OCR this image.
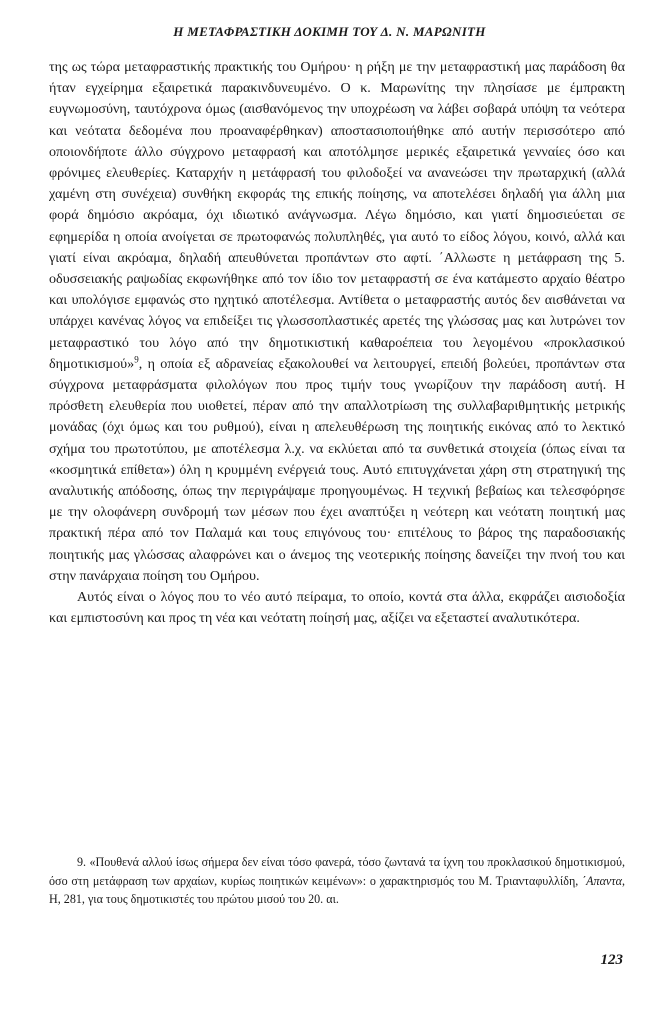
Η ΜΕΤΑΦΡΑΣΤΙΚΗ ΔΟΚΙΜΗ ΤΟΥ Δ. Ν. ΜΑΡΩΝΙΤΗ

της ως τώρα μεταφραστικής πρακτικής του Ομήρου· η ρήξη με την μεταφραστική μας παράδοση θα ήταν εγχείρημα εξαιρετικά παρακινδυνευμένο. Ο κ. Μαρωνίτης την πλησίασε με έμπρακτη ευγνωμοσύνη, ταυτόχρονα όμως (αισθανόμενος την υποχρέωση να λάβει σοβαρά υπόψη τα νεότερα και νεότατα δεδομένα που προαναφέρθηκαν) αποστασιοποιήθηκε από αυτήν περισσότερο από οποιονδήποτε άλλο σύγχρονο μεταφρασή και αποτόλμησε μερικές εξαιρετικά γενναίες όσο και φρόνιμες ελευθερίες. Καταρχήν η μετάφρασή του φιλοδοξεί να ανανεώσει την πρωταρχική (αλλά χαμένη στη συνέχεια) συνθήκη εκφοράς της επικής ποίησης, να αποτελέσει δηλαδή για άλλη μια φορά δημόσιο ακρόαμα, όχι ιδιωτικό ανάγνωσμα. Λέγω δημόσιο, και γιατί δημοσιεύεται σε εφημερίδα η οποία ανοίγεται σε πρωτοφανώς πολυπληθές, για αυτό το είδος λόγου, κοινό, αλλά και γιατί είναι ακρόαμα, δηλαδή απευθύνεται προπάντων στο αφτί. ΄Αλλωστε η μετάφραση της 5. οδυσσειακής ραψωδίας εκφωνήθηκε από τον ίδιο τον μεταφραστή σε ένα κατάμεστο αρχαίο θέατρο και υπολόγισε εμφανώς στο ηχητικό αποτέλεσμα. Αντίθετα ο μεταφραστής αυτός δεν αισθάνεται να υπάρχει κανένας λόγος να επιδείξει τις γλωσσοπλαστικές αρετές της γλώσσας μας και λυτρώνει τον μεταφραστικό του λόγο από την δημοτικιστική καθαροέπεια του λεγομένου «προκλασικού δημοτικισμού»$^9$, η οποία εξ αδρανείας εξακολουθεί να λειτουργεί, επειδή βολεύει, προπάντων στα σύγχρονα μεταφράσματα φιλολόγων που προς τιμήν τους γνωρίζουν την παράδοση αυτή. Η πρόσθετη ελευθερία που υιοθετεί, πέραν από την απαλλοτρίωση της συλλαβαριθμητικής μετρικής μονάδας (όχι όμως και του ρυθμού), είναι η απελευθέρωση της ποιητικής εικόνας από το λεκτικό σχήμα του πρωτοτύπου, με αποτέλεσμα λ.χ. να εκλύεται από τα συνθετικά στοιχεία (όπως είναι τα «κοσμητικά επίθετα») όλη η κρυμμένη ενέργειά τους. Αυτό επιτυγχάνεται χάρη στη στρατηγική της αναλυτικής απόδοσης, όπως την περιγράψαμε προηγουμένως. Η τεχνική βεβαίως και τελεσφόρησε με την ολοφάνερη συνδρομή των μέσων που έχει αναπτύξει η νεότερη και νεότατη ποιητική μας πρακτική πέρα από τον Παλαμά και τους επιγόνους του· επιτέλους το βάρος της παραδοσιακής ποιητικής μας γλώσσας αλαφρώνει και ο άνεμος της νεοτερικής ποίησης δανείζει την πνοή του και στην πανάρχαια ποίηση του Ομήρου.

Αυτός είναι ο λόγος που το νέο αυτό πείραμα, το οποίο, κοντά στα άλλα, εκφράζει αισιοδοξία και εμπιστοσύνη και προς τη νέα και νεότατη ποίησή μας, αξίζει να εξεταστεί αναλυτικότερα.

9. «Πουθενά αλλού ίσως σήμερα δεν είναι τόσο φανερά, τόσο ζωντανά τα ίχνη του προκλασικού δημοτικισμού, όσο στη μετάφραση των αρχαίων, κυρίως ποιητικών κειμένων»: ο χαρακτηρισμός του Μ. Τριανταφυλλίδη, ΄Απαντα, Η, 281, για τους δημοτικιστές του πρώτου μισού του 20. αι.

123
